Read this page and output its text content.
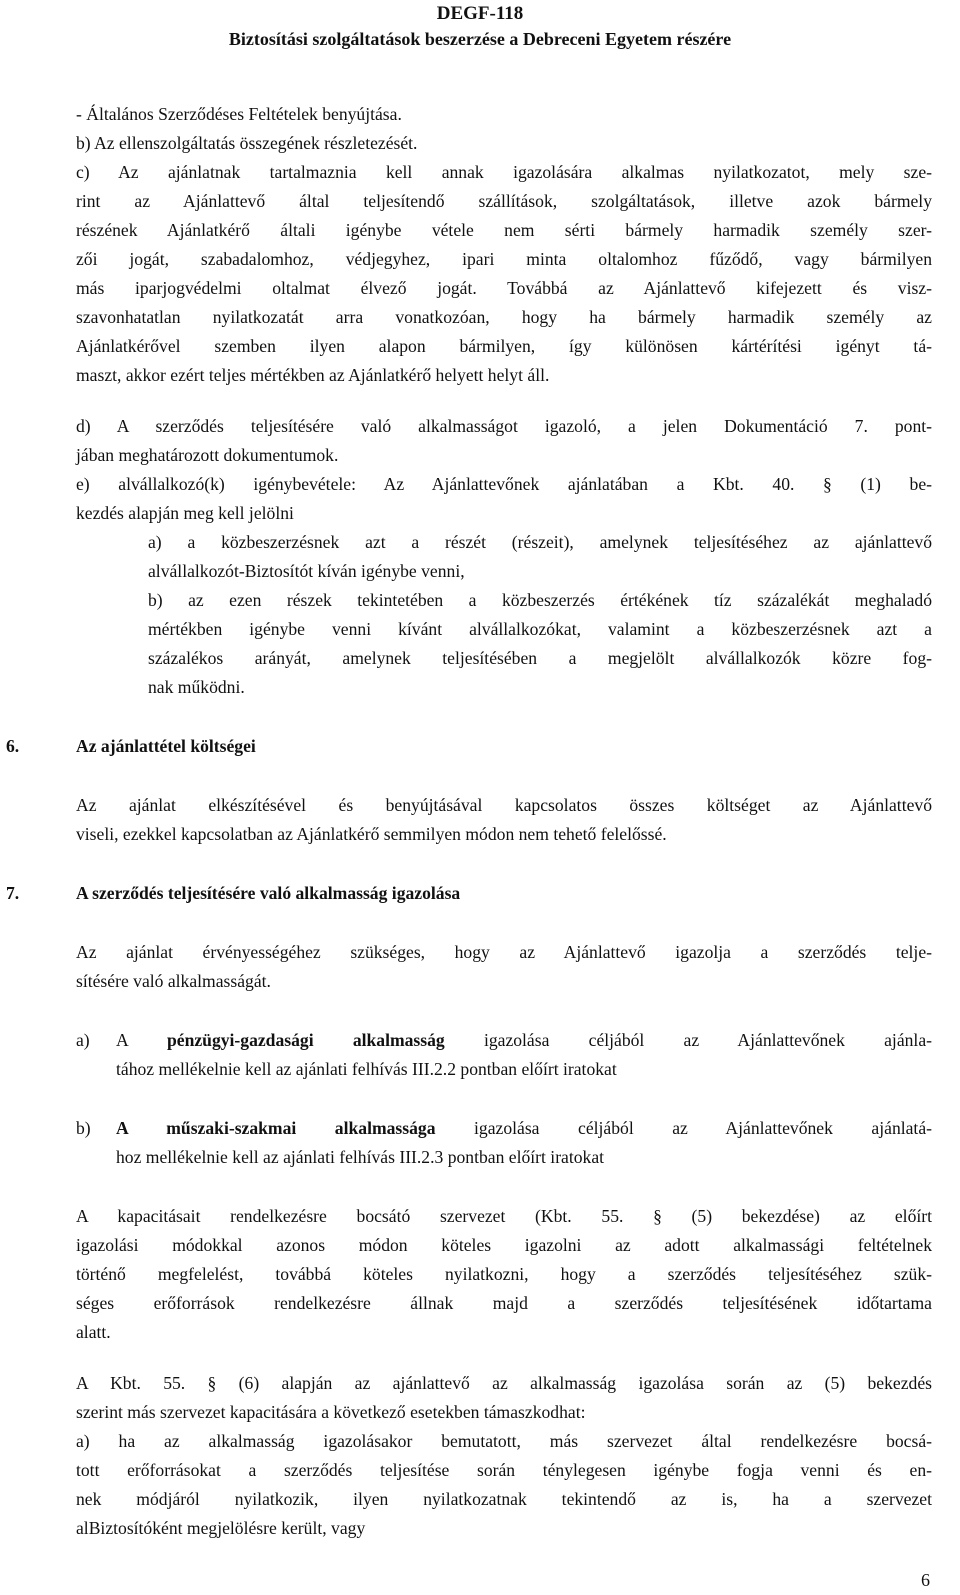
DEGF-118
Biztosítási szolgáltatások beszerzése a Debreceni Egyetem részére

- Általános Szerződéses Feltételek benyújtása.

b) Az ellenszolgáltatás összegének részletezését.

c) Az ajánlatnak tartalmaznia kell annak igazolására alkalmas nyilatkozatot, mely sze-

rint az Ajánlattevő által teljesítendő szállítások, szolgáltatások, illetve azok bármely

részének Ajánlatkérő általi igénybe vétele nem sérti bármely harmadik személy szer-

zői jogát, szabadalomhoz, védjegyhez, ipari minta oltalomhoz fűződő, vagy bármilyen

más iparjogvédelmi oltalmat élvező jogát. Továbbá az Ajánlattevő kifejezett és visz-

szavonhatatlan nyilatkozatát arra vonatkozóan, hogy ha bármely harmadik személy az

Ajánlatkérővel szemben ilyen alapon bármilyen, így különösen kártérítési igényt tá-

maszt, akkor ezért teljes mértékben az Ajánlatkérő helyett helyt áll.

d) A szerződés teljesítésére való alkalmasságot igazoló, a jelen Dokumentáció 7. pont-

jában meghatározott dokumentumok.

e) alvállalkozó(k) igénybevétele: Az Ajánlattevőnek ajánlatában a Kbt. 40. § (1) be-

kezdés alapján meg kell jelölni

a) a közbeszerzésnek azt a részét (részeit), amelynek teljesítéséhez az ajánlattevő

alvállalkozót-Biztosítót kíván igénybe venni,

b) az ezen részek tekintetében a közbeszerzés értékének tíz százalékát meghaladó

mértékben igénybe venni kívánt alvállalkozókat, valamint a közbeszerzésnek azt a

százalékos arányát, amelynek teljesítésében a megjelölt alvállalkozók közre fog-

nak működni.

6.	Az ajánlattétel költségei

Az ajánlat elkészítésével és benyújtásával kapcsolatos összes költséget az Ajánlattevő

viseli, ezekkel kapcsolatban az Ajánlatkérő semmilyen módon nem tehető felelőssé.

7.	A szerződés teljesítésére való alkalmasság igazolása

Az ajánlat érvényességéhez szükséges, hogy az Ajánlattevő igazolja a szerződés telje-

sítésére való alkalmasságát.

a) A pénzügyi-gazdasági alkalmasság igazolása céljából az Ajánlattevőnek ajánla-

tához mellékelnie kell az ajánlati felhívás III.2.2 pontban előírt iratokat

b) A műszaki-szakmai alkalmassága igazolása céljából az Ajánlattevőnek ajánlatá-

hoz mellékelnie kell az ajánlati felhívás III.2.3 pontban előírt iratokat

A kapacitásait rendelkezésre bocsátó szervezet (Kbt. 55. § (5) bekezdése) az előírt

igazolási módokkal azonos módon köteles igazolni az adott alkalmassági feltételnek

történő megfelelést, továbbá köteles nyilatkozni, hogy a szerződés teljesítéséhez szük-

séges erőforrások rendelkezésre állnak majd a szerződés teljesítésének időtartama

alatt.

A Kbt. 55. § (6) alapján az ajánlattevő az alkalmasság igazolása során az (5) bekezdés

szerint más szervezet kapacitására a következő esetekben támaszkodhat:

a) ha az alkalmasság igazolásakor bemutatott, más szervezet által rendelkezésre bocsá-

tott erőforrásokat a szerződés teljesítése során ténylegesen igénybe fogja venni és en-

nek módjáról nyilatkozik, ilyen nyilatkozatnak tekintendő az is, ha a szervezet

alBiztosítóként megjelölésre került, vagy

6
